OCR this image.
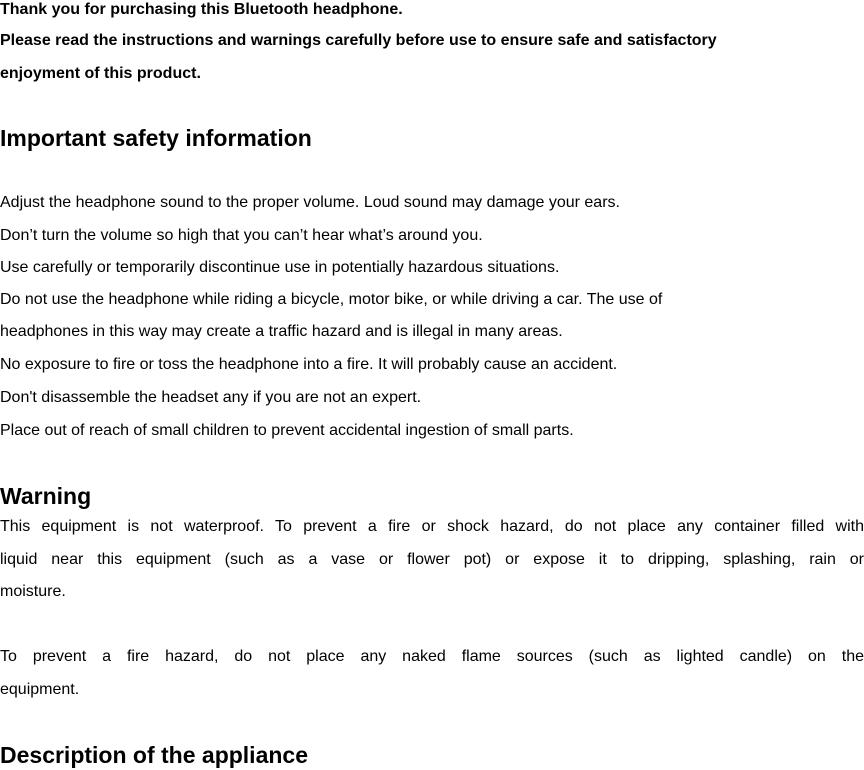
Thank you for purchasing this Bluetooth headphone.

Please read the instructions and warnings carefully before use to ensure safe and satisfactory

enjoyment of this product.

Important safety information

Adjust the headphone sound to the proper volume. Loud sound may damage your ears.

Don’t turn the volume so high that you can’t hear what’s around you.

Use carefully or temporarily discontinue use in potentially hazardous situations.

Do not use the headphone while riding a bicycle, motor bike, or while driving a car. The use of

headphones in this way may create a traffic hazard and is illegal in many areas.

No exposure to fire or toss the headphone into a fire. It will probably cause an accident.

Don't disassemble the headset any if you are not an expert.

Place out of reach of small children to prevent accidental ingestion of small parts.

Warning
This equipment is not waterproof. To prevent a fire or shock hazard, do not place any container filled with
liquid near this equipment (such as a vase or flower pot) or expose it to dripping, splashing, rain or

moisture.

To prevent a fire hazard, do not place any naked flame sources (such as lighted candle) on the

equipment.

Description of the appliance
